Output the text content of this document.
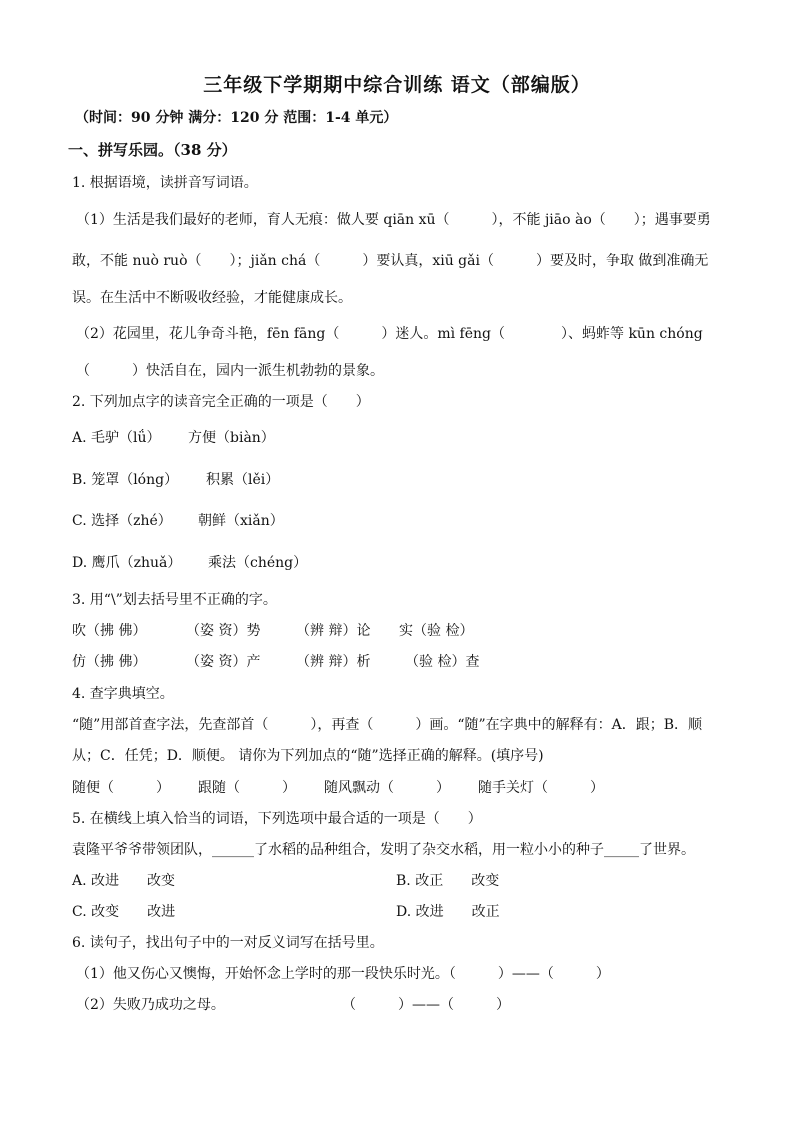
三年级下学期期中综合训练 语文（部编版）
（时间：90 分钟 满分：120 分 范围：1-4 单元）
一、拼写乐园。（38 分）
1. 根据语境，读拼音写词语。
（1）生活是我们最好的老师，育人无痕：做人要 qiān xū（　　　），不能 jiāo ào（　　）；遇事要勇
敢，不能 nuò ruò（　　）；jiǎn chá（　　　）要认真，xiū gǎi（　　　）要及时，争取 做到准确无
误。在生活中不断吸收经验，才能健康成长。
（2）花园里，花儿争奇斗艳，fēn fāng（　　　）迷人。mì fēng（　　　　）、蚂蚱等 kūn chóng
（　　　）快活自在，园内一派生机勃勃的景象。
2. 下列加点字的读音完全正确的一项是（　　）
A. 毛驴（lǘ） 方便（biàn）
B. 笼罩（lóng） 积累（lěi）
C. 选择（zhé） 朝鲜（xiǎn）
D. 鹰爪（zhuǎ） 乘法（chéng）
3. 用“\”划去括号里不正确的字。
吹（拂 佛）	（姿 资）势	（辨 辩）论 实（验 检）
仿（拂 佛）	（姿 资）产	（辨 辩）析 （验 检）查
4. 查字典填空。
“随”用部首查字法，先查部首（　　　），再查（　　　）画。“随”在字典中的解释有：A．跟；B．顺
从；C．任凭；D．顺便。 请你为下列加点的“随”选择正确的解释。(填序号)
随便（　　　） 跟随（　　　） 随风飘动（　　　） 随手关灯（　　　）
5. 在横线上填入恰当的词语，下列选项中最合适的一项是（　　）
袁隆平爷爷带领团队，______了水稻的品种组合，发明了杂交水稻，用一粒小小的种子_____了世界。
A. 改进　　改变	B. 改正　　改变
C. 改变　　改进	D. 改进　　改正
6. 读句子，找出句子中的一对反义词写在括号里。
（1）他又伤心又懊悔，开始怀念上学时的那一段快乐时光。（　　　）——（　　　）
（2）失败乃成功之母。	（　　　）——（　　　）
